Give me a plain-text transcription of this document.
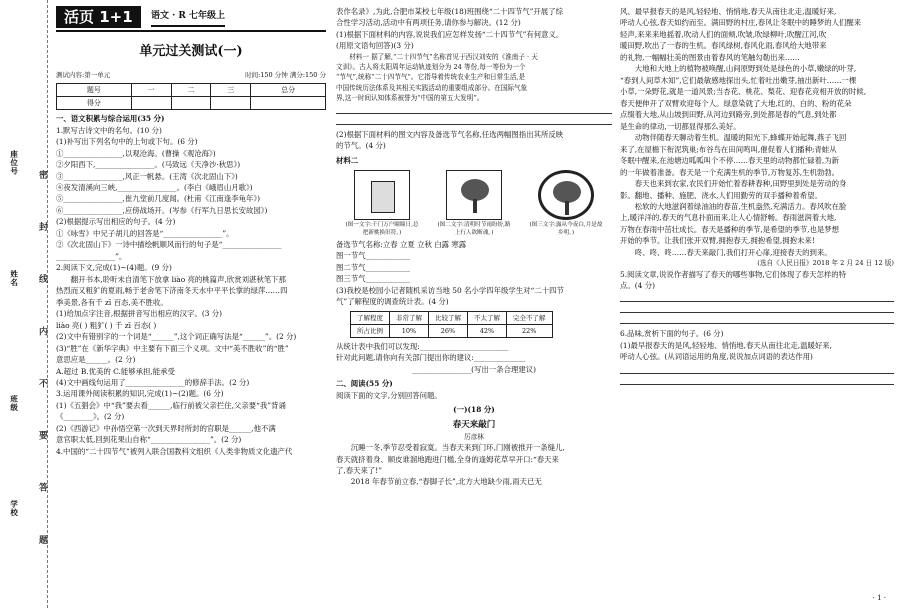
座位号
姓名
班级
学校	密 封 线 内 不 要 答 题
活页 1+1 语文 · R 七年级上
单元过关测试(一)
测试内容:第一单元	时间:150 分钟 满分:150 分
题号	一	二	三	总分
得分				

一、语文积累与综合运用(35 分)

1.默写古诗文中的名句。(10 分)

(1)补写出下列名句中的上句或下句。(6 分)

①________________,以观沧海。(曹操《观沧海》)

②夕阳西下,________________。(马致远《天净沙·秋思》)

③________________,风正一帆悬。(王湾《次北固山下》)

④夜发清溪向三峡,________________。(李白《峨眉山月歌》)

⑤________________,崔九堂前几度闻。(杜甫《江南逢李龟年》)

⑥________________,应傍战场开。(岑参《行军九日思长安故园》)

(2)根据提示写出相应的句子。(4 分)

①《咏雪》中兄子胡儿的回答是“________________”。

②《次北固山下》一诗中描绘帆顺风而行的句子是“________________

________________”。

2.阅读下文,完成(1)~(4)题。(9 分)

翻开书本,聆听未自清笔下放拿 liào 亮的桃篇声,欣赏刘湛秋笔下那

热烈而又粗犷的夏雨,畅于老舍笔下济南冬天水中平平长掌的绿萍……四

季美景,各有千 zī 百态,美不胜收。

(1)给加点字注音,根据拼音写出相应的汉字。(3 分)

liào 亮( ) 粗犷( ) 千 zī 百态( )

(2)文中有错别字的一个词是“______”,这个词正确写法是“______”。(2 分)

(3)“胜”在《新华字典》中主要有下面三个义项。文中“美不胜收”的“胜”

意思应是______。(2 分)

A.超过 B.优美的 C.能够承担,能承受

(4)文中画线句运用了________________的修辞手法。(2 分)

3.运用课外阅读积累的知识,完成(1)~(2)题。(6 分)

(1)《五猖会》中“我”要去看______,临行前被父亲拦住,父亲要“我”背诵

《________》。(2 分)

(2)《西游记》中孙悟空第一次到天界时所封的官职是______,他不满

意官职太低,回到花果山自称“________________”。(2 分)

4.中国的“二十四节气”被列入联合国教科文组织《人类非物质文化遗产代

表作名录》,为此,合肥市某校七年级(18)班围绕“二十四节气”开展了综

合性学习活动,活动中有两项任务,请你参与解决。(12 分)

(1)根据下面材料的内容,说说我们应怎样发扬“二十四节气”有何意义。

(用原文语句回答)(3 分)

材料一 据了解,“二十四节气”名称首见于西汉刘安的《淮南子 · 天

文训》。古人将太阳周年运动轨迹划分为 24 等份,每一等份为一个

“节气”,统称“二十四节气”。它指导着传统农业生产和日常生活,是

中国传统历法体系及其相关实践活动的重要组成部分。在国际气象

界,这一时间认知体系被誉为“中国的第五大发明”。

(2)根据下面材料的图文内容及备选节气名称,任选两幅图指出其所反映

的节气。(4 分)

材料二

(图一文字:千门万户瞳瞳日,总把新桃换旧符。)
(图二文字:清明时节雨纷纷,路上行人欲断魂。)
(图三文字:露从今夜白,月是故乡明。)

备选节气名称:立春 立夏 立秋 白露 寒露

图一节气____________

图二节气____________

图三节气____________

(3)我校是校园小记者随机采访当地 50 名小学四年级学生对“二十四节

气”了解程度的调查统计表。(4 分)

了解程度	非常了解	比较了解	不太了解	完全不了解
所占比例	10%	26%	42%	22%

从统计表中我们可以发现:________________________

针对此问题,请你向有关部门提出你的建议:______________

________________(写出一条合理建议)

二、阅读(55 分)

阅读下面的文字,分别回答问题。

(一)(18 分)

春天来敲门

厉彦林

沉睡一冬,季节忍受着寂寞。当春天来到门环,门刚被推开一条缝儿,

春天就挤着身、顺皮谁溜地跑进门槛,全身的逢姆花草早开口:“春天来

了,春天来了!”

2018 年春节前立春,“春脚子长”,北方大地缺少雨,雨天已无

风、最早报春天的是风,轻轻地、悄悄地,春天从南往北走,温暖好来,

呼动人心弦,春天如约而至。满田野的村庄,春风让冬眠中的睡梦的人们醒来

轻声,来来来地摇着,吹动人们的面颊,吹皱,吹绿柳叶,吹醒江河,吹

暖田野,吹出了一春的生机。春风绿树,春风化雨,春风给大地带来

的礼物,一幅幅壮美的图景由着春风的笔触勾勒出来……

大地和大地上的植物被唤醒,山间原野到处是绿色的小草,嫩绿的叶芽,

“春到人间草木知”,它们最敏感地探出头,忙着吐出嫩芽,抽出新叶……一棵

小草,一朵野花,就是一道风景;当杏花、桃花、梨花、迎春花竞相开放的时候,

春天便伸开了双臂欢迎每个人。绿意染就了大地,红的、白的、粉的花朵

点缀着大地,从山坡到田野,从河边到路旁,到处都是春的气息,到处都

是生命的律动,一切都显得那么美好。

动物伴随春天聊动着生机。温暖的阳光下,蜂蝶开始起舞,燕子飞回

来了,在屋檐下衔泥筑巢;布谷鸟在田间鸣叫,催促着人们播种;青蛙从

冬眠中醒来,在池塘边呱呱叫个不停……春天里的动物都忙碌着,为新

的一年做着准备。春天是一个充满生机的季节,万物复苏,生机勃勃。

春天也来到农家,农民们开始忙着春耕春种,田野里到处是劳动的身

影。翻地、播种、施肥、浇水,人们用勤劳的双手播种着希望。

松软的大地滋润着绿油油的春苗,生机盎然,充满活力。春风吹在脸

上,暖洋洋的,春天的气息扑面而来,让人心情舒畅。春雨滋润着大地,

万物在春雨中茁壮成长。春天是播种的季节,是希望的季节,也是梦想

开始的季节。让我们张开双臂,拥抱春天,拥抱希望,拥抱未来!

咚、咚、咚……春天来敲门,我们打开心扉,迎接春天的到来。

(选自《人民日报》2018 年 2 月 24 日 12 版)

5.阅读文章,说说作者描写了春天的哪些事物,它们体现了春天怎样的特

点。(4 分)

6.品味,赏析下面的句子。(6 分)

(1)最早报春天的是风,轻轻地、悄悄地,春天从南往北走,温暖好来,

呼动人心弦。(从词语运用的角度,说说加点词语的表达作用)

· 1 ·
